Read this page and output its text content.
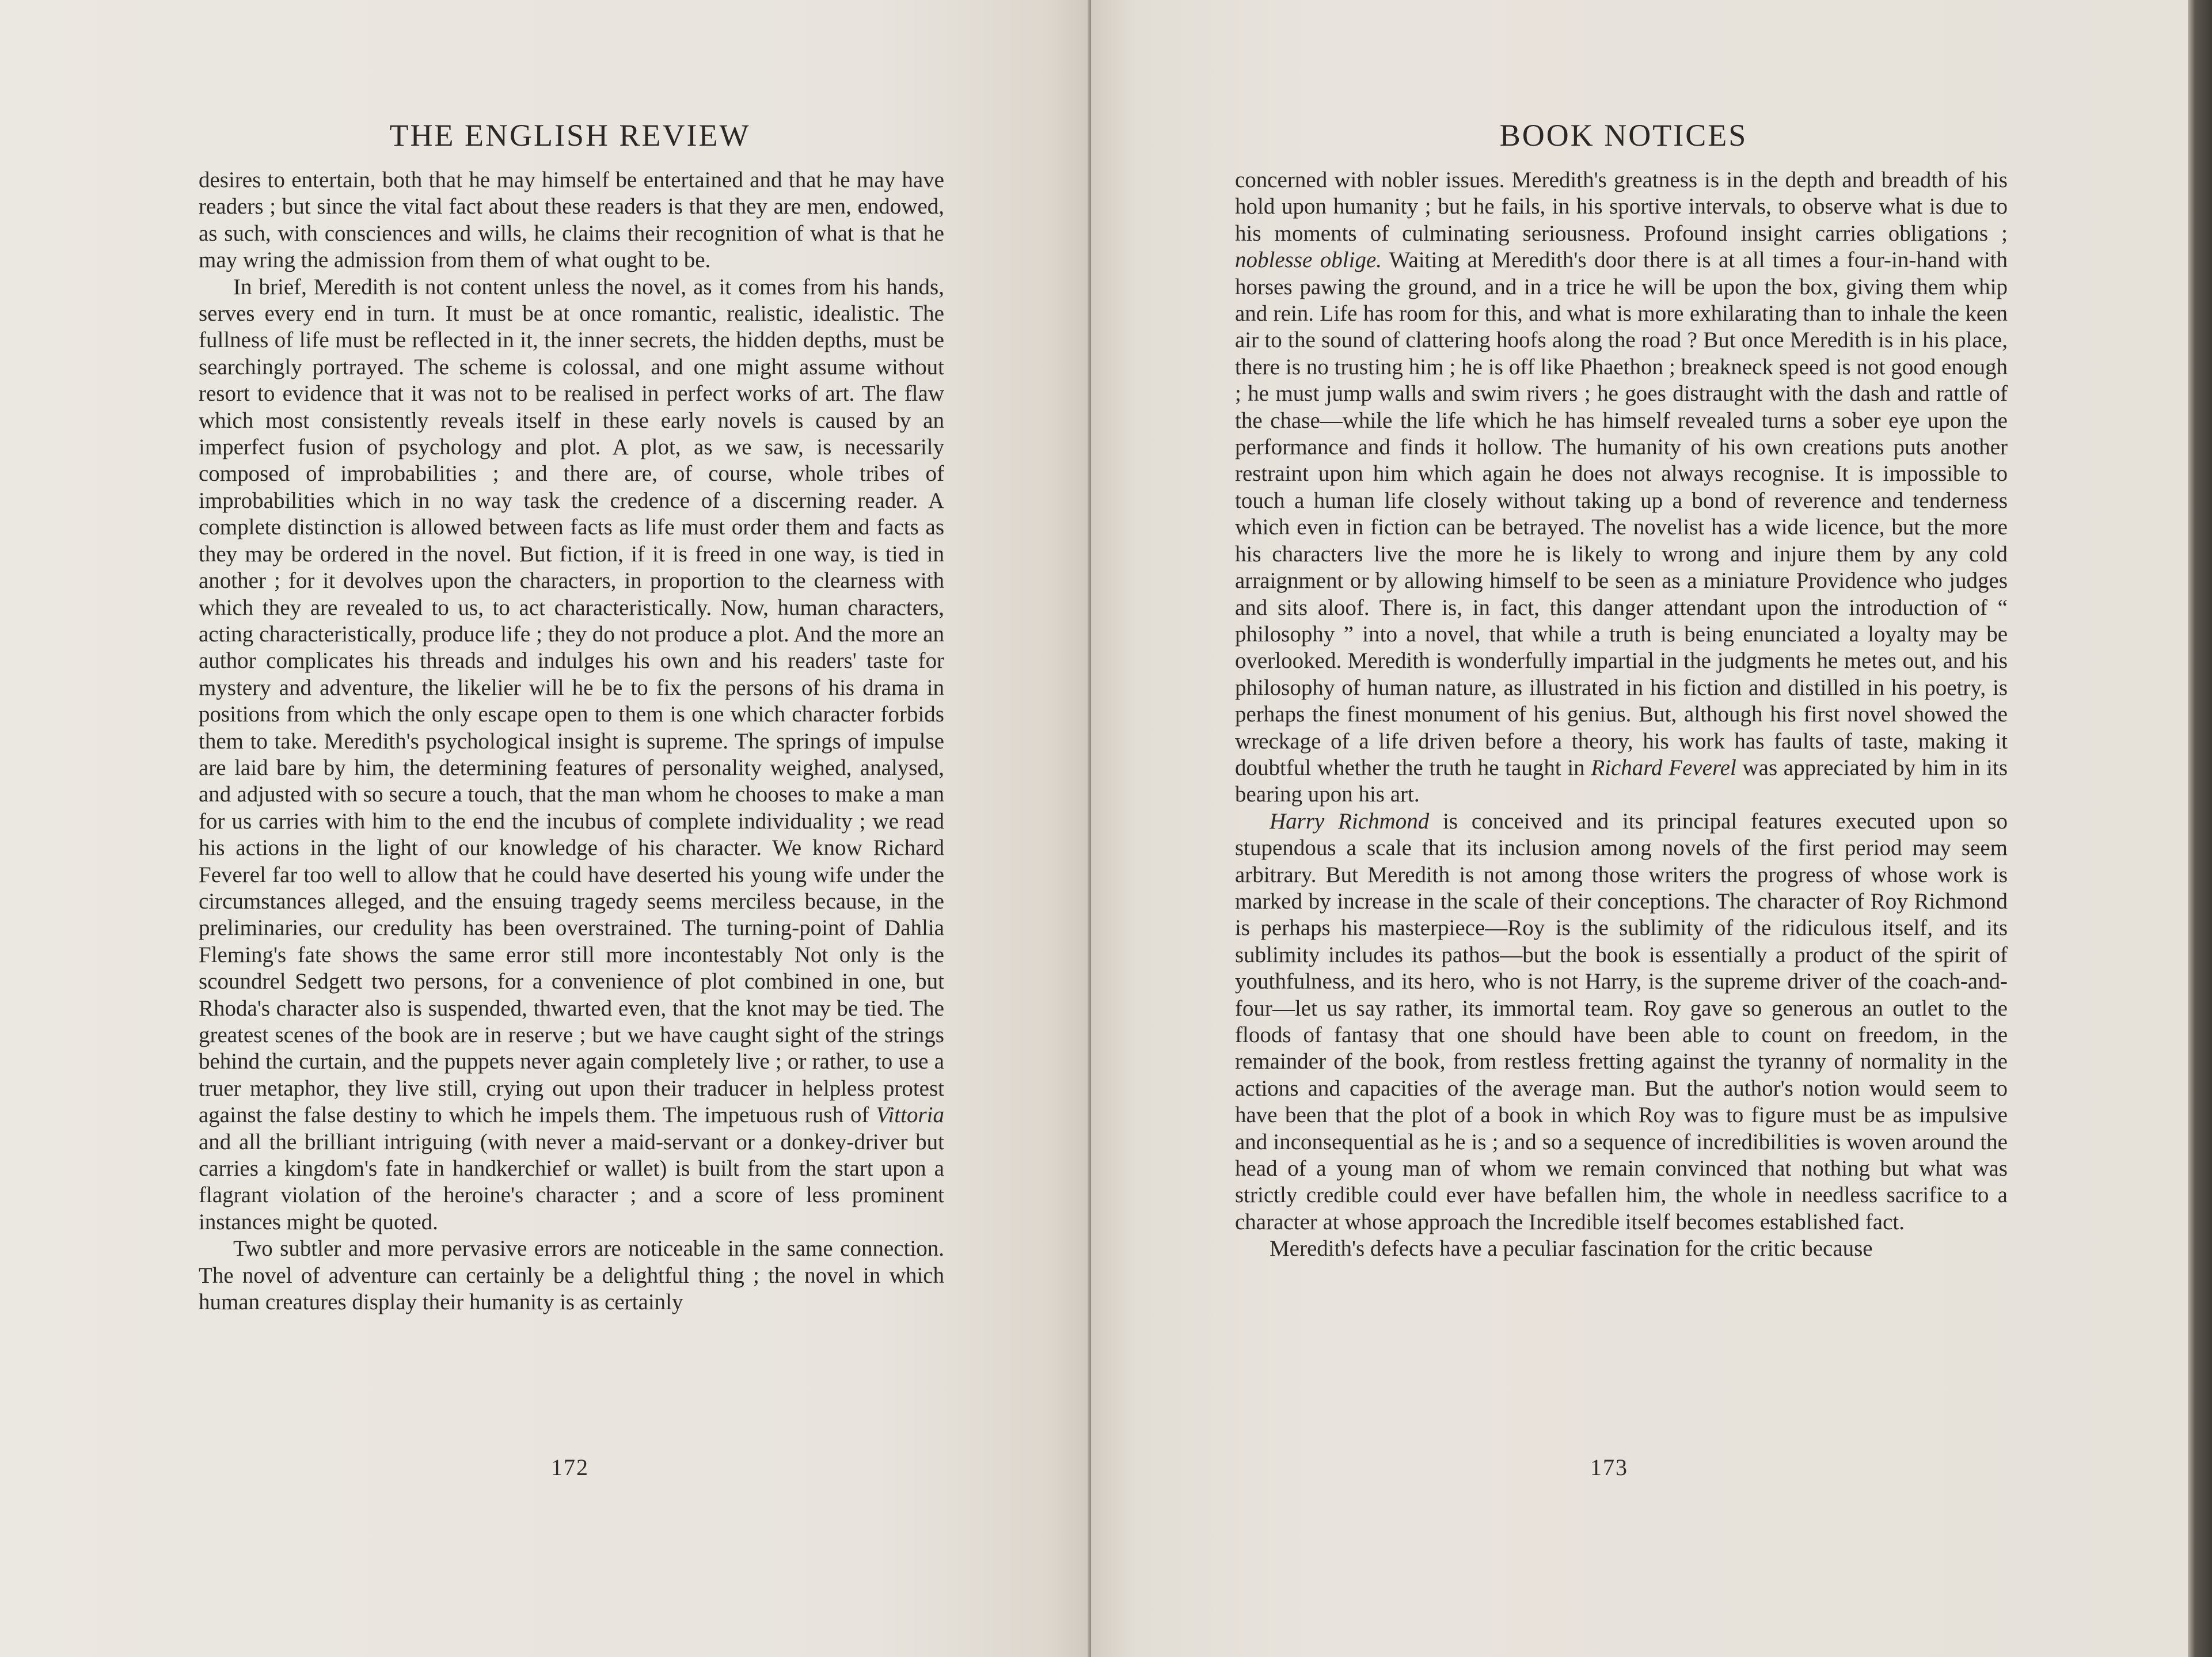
THE ENGLISH REVIEW

desires to entertain, both that he may himself be entertained and that he may have readers ; but since the vital fact about these readers is that they are men, endowed, as such, with consciences and wills, he claims their recognition of what is that he may wring the admission from them of what ought to be.

In brief, Meredith is not content unless the novel, as it comes from his hands, serves every end in turn. It must be at once romantic, realistic, idealistic. The fullness of life must be reflected in it, the inner secrets, the hidden depths, must be searchingly portrayed. The scheme is colossal, and one might assume without resort to evidence that it was not to be realised in perfect works of art. The flaw which most consistently reveals itself in these early novels is caused by an imperfect fusion of psychology and plot. A plot, as we saw, is necessarily composed of improbabilities ; and there are, of course, whole tribes of improbabilities which in no way task the credence of a discerning reader. A complete distinction is allowed between facts as life must order them and facts as they may be ordered in the novel. But fiction, if it is freed in one way, is tied in another ; for it devolves upon the characters, in proportion to the clearness with which they are revealed to us, to act characteristically. Now, human characters, acting characteristically, produce life ; they do not produce a plot. And the more an author complicates his threads and indulges his own and his readers' taste for mystery and adventure, the likelier will he be to fix the persons of his drama in positions from which the only escape open to them is one which character forbids them to take. Meredith's psychological insight is supreme. The springs of impulse are laid bare by him, the determining features of personality weighed, analysed, and adjusted with so secure a touch, that the man whom he chooses to make a man for us carries with him to the end the incubus of complete individuality ; we read his actions in the light of our knowledge of his character. We know Richard Feverel far too well to allow that he could have deserted his young wife under the circumstances alleged, and the ensuing tragedy seems merciless because, in the preliminaries, our credulity has been overstrained. The turning-point of Dahlia Fleming's fate shows the same error still more incontestably Not only is the scoundrel Sedgett two persons, for a convenience of plot combined in one, but Rhoda's character also is suspended, thwarted even, that the knot may be tied. The greatest scenes of the book are in reserve ; but we have caught sight of the strings behind the curtain, and the puppets never again completely live ; or rather, to use a truer metaphor, they live still, crying out upon their traducer in helpless protest against the false destiny to which he impels them. The impetuous rush of Vittoria and all the brilliant intriguing (with never a maid-servant or a donkey-driver but carries a kingdom's fate in handkerchief or wallet) is built from the start upon a flagrant violation of the heroine's character ; and a score of less prominent instances might be quoted.

Two subtler and more pervasive errors are noticeable in the same connection. The novel of adventure can certainly be a delightful thing ; the novel in which human creatures display their humanity is as certainly

172
BOOK NOTICES

concerned with nobler issues. Meredith's greatness is in the depth and breadth of his hold upon humanity ; but he fails, in his sportive intervals, to observe what is due to his moments of culminating seriousness. Profound insight carries obligations ; noblesse oblige. Waiting at Meredith's door there is at all times a four-in-hand with horses pawing the ground, and in a trice he will be upon the box, giving them whip and rein. Life has room for this, and what is more exhilarating than to inhale the keen air to the sound of clattering hoofs along the road ? But once Meredith is in his place, there is no trusting him ; he is off like Phaethon ; breakneck speed is not good enough ; he must jump walls and swim rivers ; he goes distraught with the dash and rattle of the chase—while the life which he has himself revealed turns a sober eye upon the performance and finds it hollow. The humanity of his own creations puts another restraint upon him which again he does not always recognise. It is impossible to touch a human life closely without taking up a bond of reverence and tenderness which even in fiction can be betrayed. The novelist has a wide licence, but the more his characters live the more he is likely to wrong and injure them by any cold arraignment or by allowing himself to be seen as a miniature Providence who judges and sits aloof. There is, in fact, this danger attendant upon the introduction of “ philosophy ” into a novel, that while a truth is being enunciated a loyalty may be overlooked. Meredith is wonderfully impartial in the judgments he metes out, and his philosophy of human nature, as illustrated in his fiction and distilled in his poetry, is perhaps the finest monument of his genius. But, although his first novel showed the wreckage of a life driven before a theory, his work has faults of taste, making it doubtful whether the truth he taught in Richard Feverel was appreciated by him in its bearing upon his art.

Harry Richmond is conceived and its principal features executed upon so stupendous a scale that its inclusion among novels of the first period may seem arbitrary. But Meredith is not among those writers the progress of whose work is marked by increase in the scale of their conceptions. The character of Roy Richmond is perhaps his masterpiece—Roy is the sublimity of the ridiculous itself, and its sublimity includes its pathos—but the book is essentially a product of the spirit of youthfulness, and its hero, who is not Harry, is the supreme driver of the coach-and-four—let us say rather, its immortal team. Roy gave so generous an outlet to the floods of fantasy that one should have been able to count on freedom, in the remainder of the book, from restless fretting against the tyranny of normality in the actions and capacities of the average man. But the author's notion would seem to have been that the plot of a book in which Roy was to figure must be as impulsive and inconsequential as he is ; and so a sequence of incredibilities is woven around the head of a young man of whom we remain convinced that nothing but what was strictly credible could ever have befallen him, the whole in needless sacrifice to a character at whose approach the Incredible itself becomes established fact.

Meredith's defects have a peculiar fascination for the critic because

173
